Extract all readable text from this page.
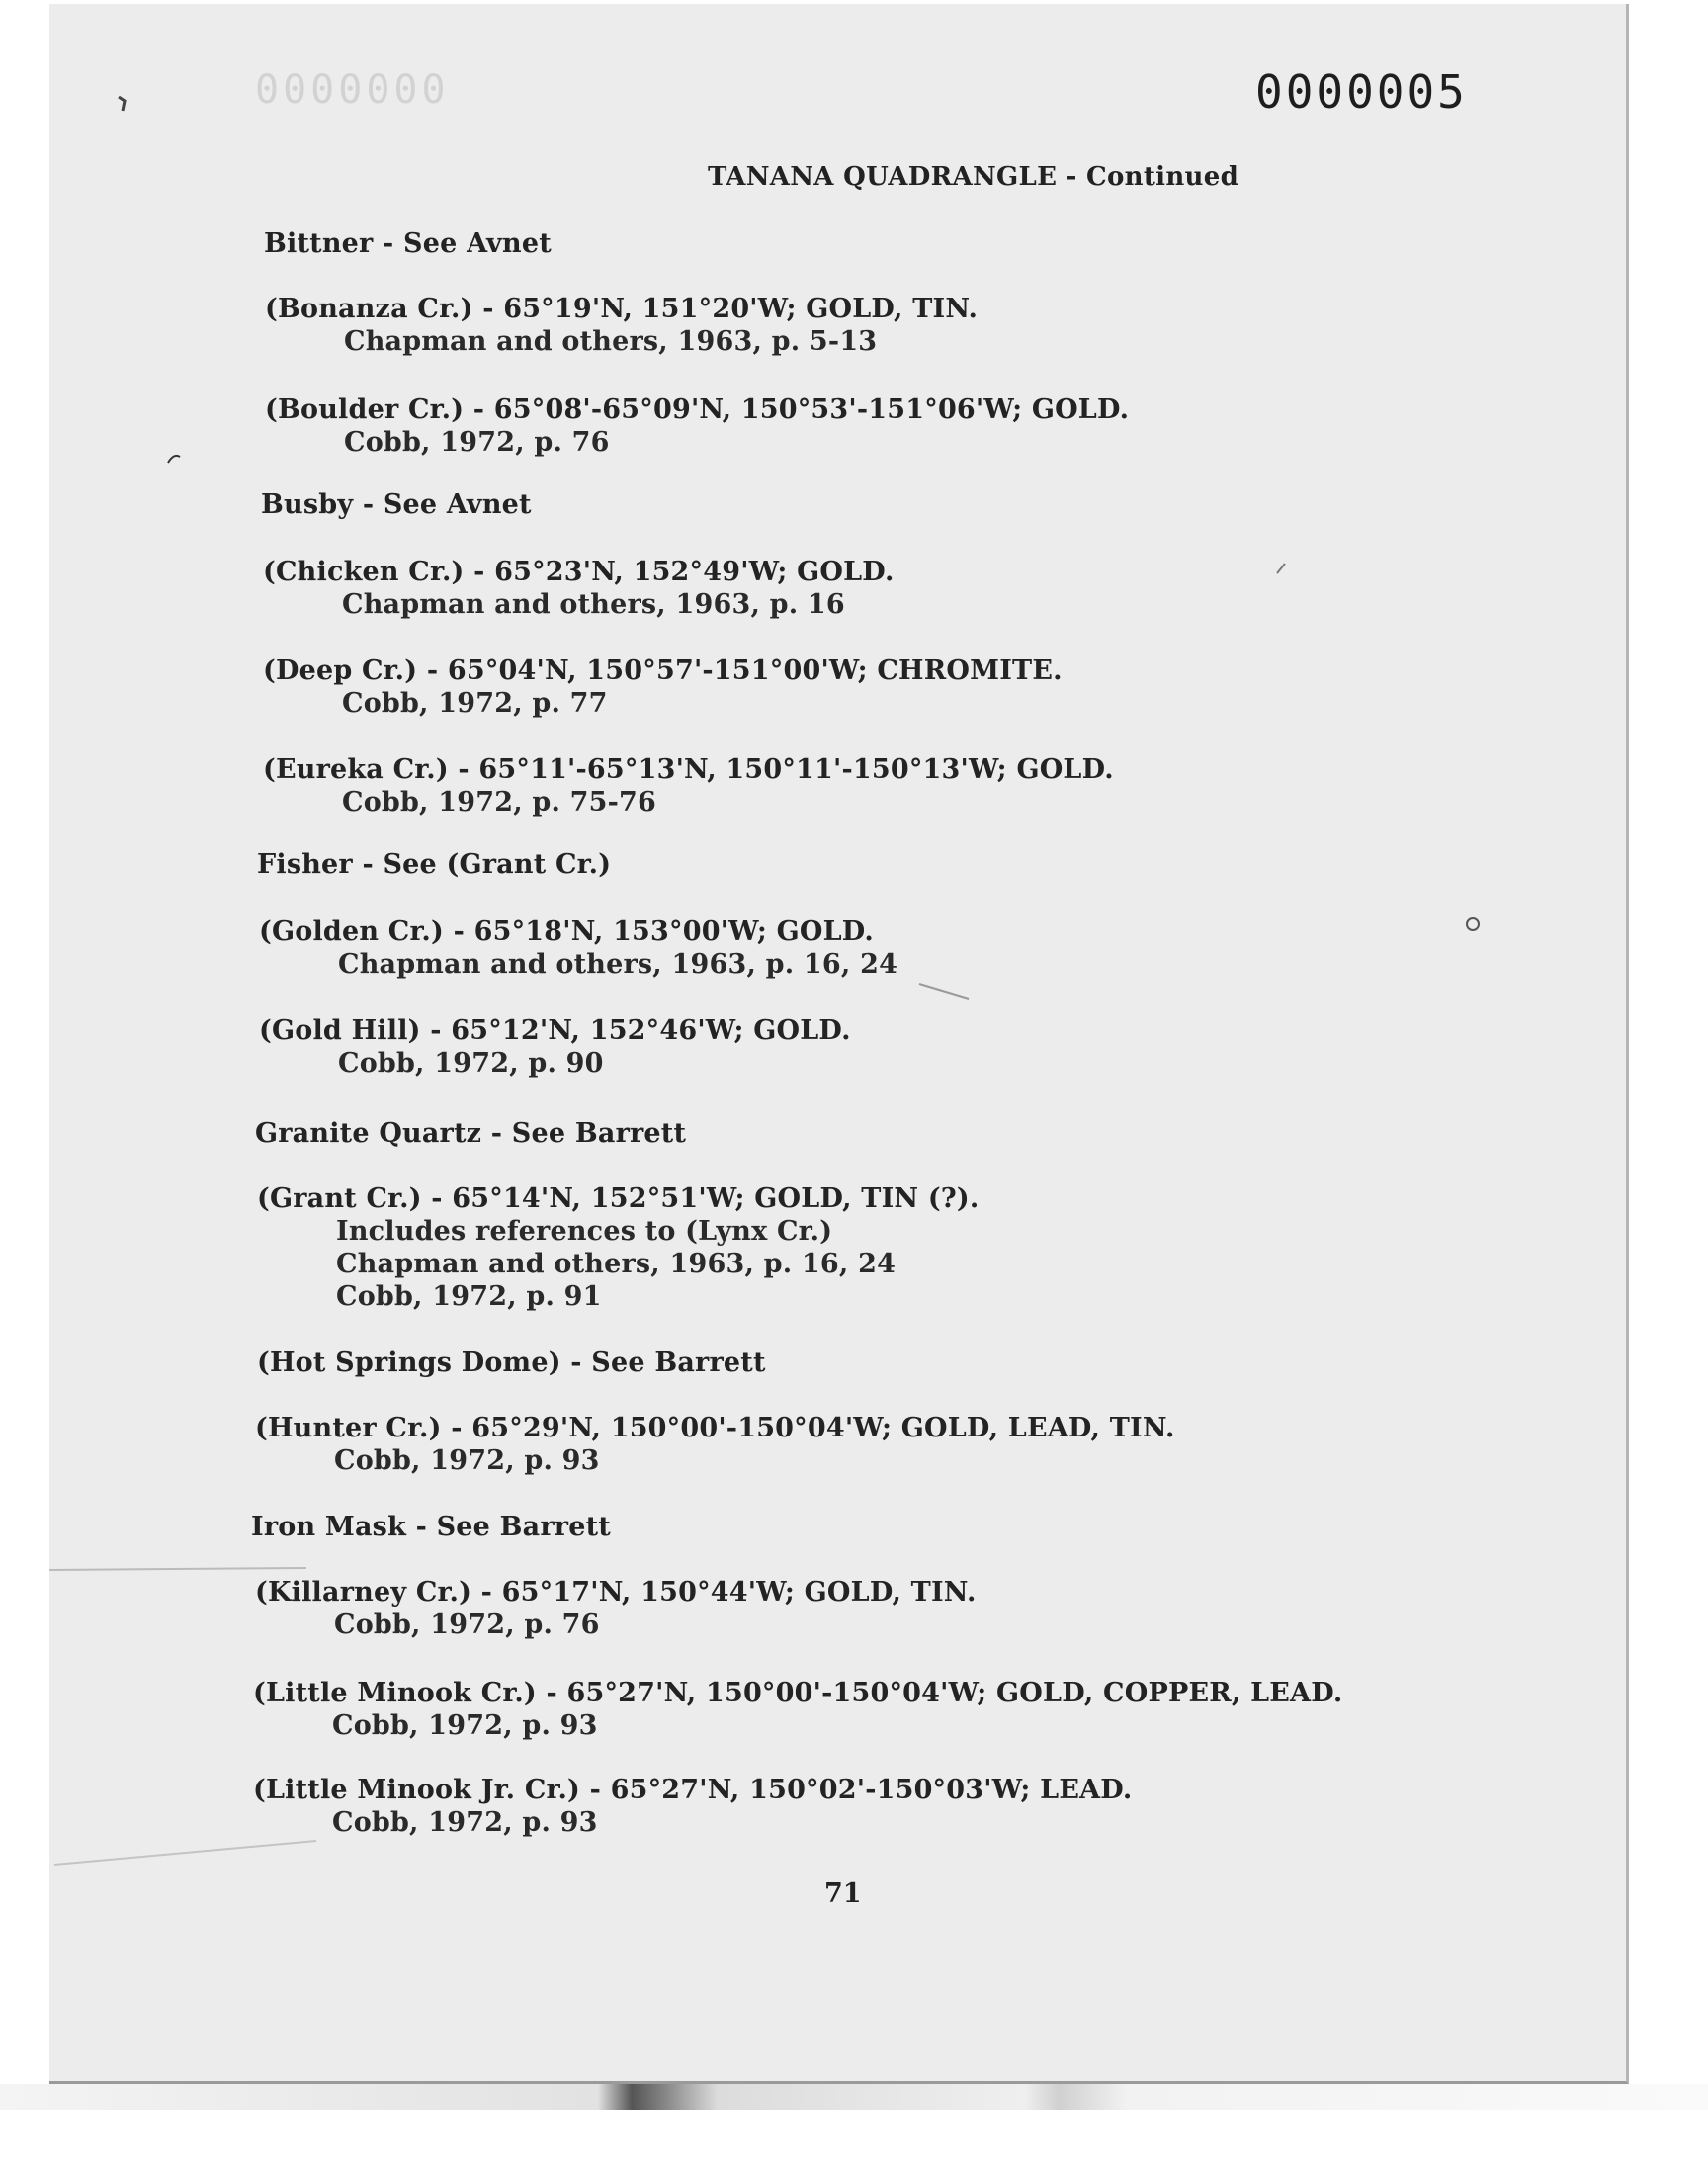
0000000	0000005
TANANA QUADRANGLE - Continued
Bittner - See Avnet
(Bonanza Cr.) - 65°19'N, 151°20'W; GOLD, TIN.
Chapman and others, 1963, p. 5-13
(Boulder Cr.) - 65°08'-65°09'N, 150°53'-151°06'W; GOLD.
Cobb, 1972, p. 76
Busby - See Avnet
(Chicken Cr.) - 65°23'N, 152°49'W; GOLD.
Chapman and others, 1963, p. 16
(Deep Cr.) - 65°04'N, 150°57'-151°00'W; CHROMITE.
Cobb, 1972, p. 77
(Eureka Cr.) - 65°11'-65°13'N, 150°11'-150°13'W; GOLD.
Cobb, 1972, p. 75-76
Fisher - See (Grant Cr.)
(Golden Cr.) - 65°18'N, 153°00'W; GOLD.
Chapman and others, 1963, p. 16, 24
(Gold Hill) - 65°12'N, 152°46'W; GOLD.
Cobb, 1972, p. 90
Granite Quartz - See Barrett
(Grant Cr.) - 65°14'N, 152°51'W; GOLD, TIN (?).
Includes references to (Lynx Cr.)
Chapman and others, 1963, p. 16, 24
Cobb, 1972, p. 91
(Hot Springs Dome) - See Barrett
(Hunter Cr.) - 65°29'N, 150°00'-150°04'W; GOLD, LEAD, TIN.
Cobb, 1972, p. 93
Iron Mask - See Barrett
(Killarney Cr.) - 65°17'N, 150°44'W; GOLD, TIN.
Cobb, 1972, p. 76
(Little Minook Cr.) - 65°27'N, 150°00'-150°04'W; GOLD, COPPER, LEAD.
Cobb, 1972, p. 93
(Little Minook Jr. Cr.) - 65°27'N, 150°02'-150°03'W; LEAD.
Cobb, 1972, p. 93
71
